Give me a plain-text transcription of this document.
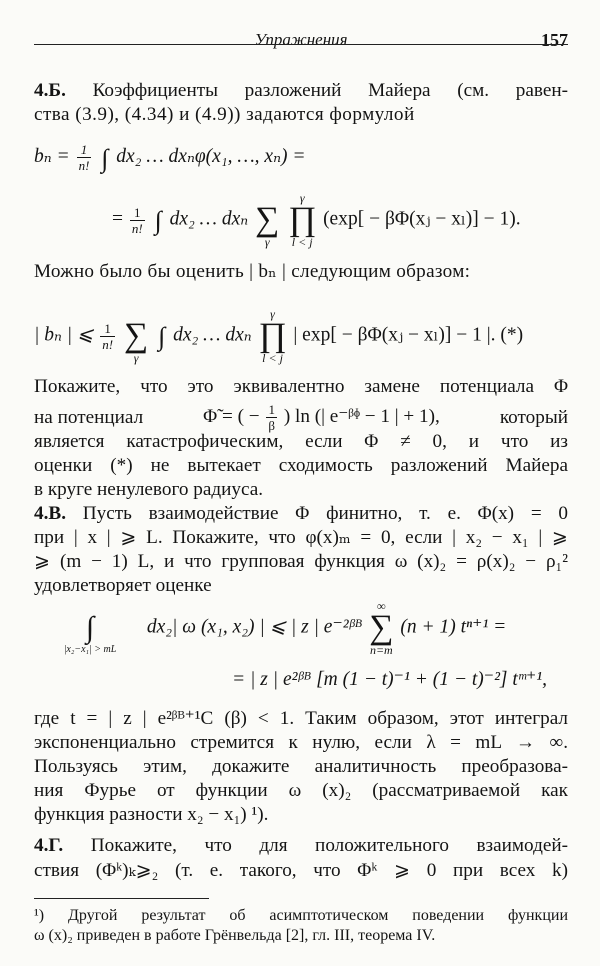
Упражнения	157
4.Б. Коэффициенты разложений Майера (см. равен-
ства (3.9), (4.34) и (4.9)) задаются формулой
$b_n = \frac{1}{n!}$ ∫ dx₂ … dxₙφ(x₁, …, xₙ) =
= $\frac{1}{n!}$ ∫ dx₂ … dxₙ ∑
γ

γ
∏
l < j
(exp[ − βΦ(xⱼ − xₗ)] − 1).
Можно было бы оценить | bₙ | следующим образом:
| bₙ | ⩽ $\frac{1}{n!}$
∑
γ
∫ dx₂ … dxₙ
γ
∏
l < j
| exp[ − βΦ(xⱼ − xₗ)] − 1 |. (*)
Покажите, что это эквивалентно замене потенциала Φ
на потенциал	Φ̃ = ( − $\frac{1}{\beta}$ ) ln (| e⁻ᵝᶲ − 1 | + 1),	который
является катастрофическим, если Φ ≠ 0, и что из
оценки (*) не вытекает сходимость разложений Майера
в круге ненулевого радиуса.
4.В. Пусть взаимодействие Φ финитно, т. е. Φ(x) = 0
при | x | ⩾ L. Покажите, что φ(x)ₘ = 0, если | x₂ − x₁ | ⩾
⩾ (m − 1) L, и что групповая функция ω (x)₂ = ρ(x)₂ − ρ₁²
удовлетворяет оценке
∫
|x₂−x₁| > mL
dx₂| ω (x₁, x₂) | ⩽ | z | e⁻²ᵝᴮ
∞
∑
n=m
(n + 1) tⁿ⁺¹ =
= | z | e²ᵝᴮ [m (1 − t)⁻¹ + (1 − t)⁻²] tᵐ⁺¹,
где t = | z | e²ᵝᴮ⁺¹C (β) < 1. Таким образом, этот интеграл
экспоненциально стремится к нулю, если λ = mL → ∞.
Пользуясь этим, докажите аналитичность преобразова-
ния Фурье от функции ω (x)₂ (рассматриваемой как
функция разности x₂ − x₁) ¹).
4.Г. Покажите, что для положительного взаимодей-
ствия (Φᵏ)ₖ⩾₂ (т. е. такого, что Φᵏ ⩾ 0 при всех k)
¹) Другой результат об асимптотическом поведении функции
ω (x)₂ приведен в работе Грёнвельда [2], гл. III, теорема IV.
